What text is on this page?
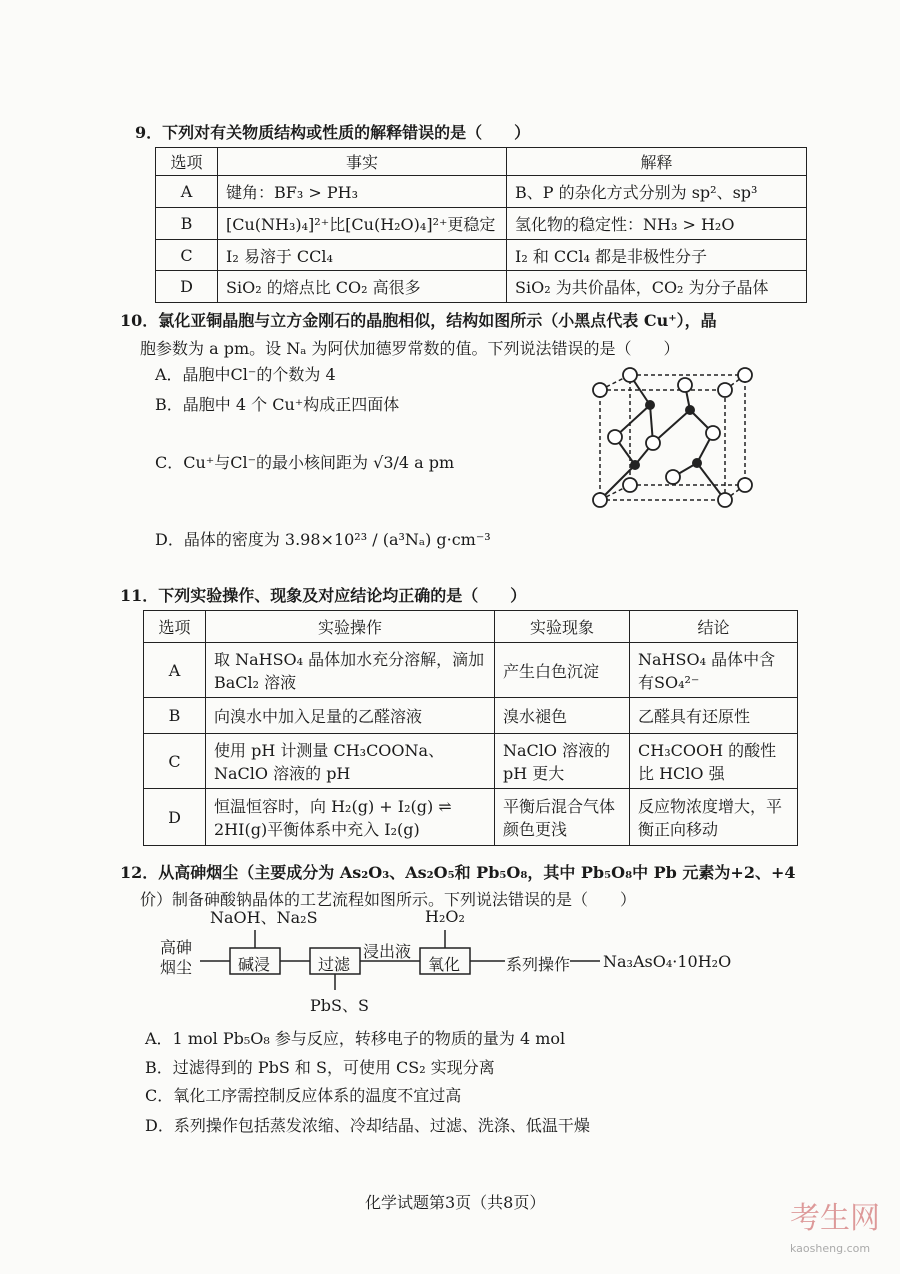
9．下列对有关物质结构或性质的解释错误的是（　　）
选项	事实	解释
A	键角：BF₃ > PH₃	B、P 的杂化方式分别为 sp²、sp³
B	[Cu(NH₃)₄]²⁺比[Cu(H₂O)₄]²⁺更稳定	氢化物的稳定性：NH₃ > H₂O
C	I₂ 易溶于 CCl₄	I₂ 和 CCl₄ 都是非极性分子
D	SiO₂ 的熔点比 CO₂ 高很多	SiO₂ 为共价晶体，CO₂ 为分子晶体
10．氯化亚铜晶胞与立方金刚石的晶胞相似，结构如图所示（小黑点代表 Cu⁺），晶
胞参数为 a pm。设 Nₐ 为阿伏加德罗常数的值。下列说法错误的是（　　）
A．晶胞中Cl⁻的个数为 4
B．晶胞中 4 个 Cu⁺构成正四面体
C．Cu⁺与Cl⁻的最小核间距为 √3/4 a pm
D．晶体的密度为 3.98×10²³ / (a³Nₐ) g·cm⁻³
11．下列实验操作、现象及对应结论均正确的是（　　）
选项	实验操作	实验现象	结论
A	取 NaHSO₄ 晶体加水充分溶解，滴加 BaCl₂ 溶液	产生白色沉淀	NaHSO₄ 晶体中含有SO₄²⁻
B	向溴水中加入足量的乙醛溶液	溴水褪色	乙醛具有还原性
C	使用 pH 计测量 CH₃COONa、NaClO 溶液的 pH	NaClO 溶液的 pH 更大	CH₃COOH 的酸性比 HClO 强
D	恒温恒容时，向 H₂(g) + I₂(g) ⇌ 2HI(g)平衡体系中充入 I₂(g)	平衡后混合气体颜色更浅	反应物浓度增大，平衡正向移动
12．从高砷烟尘（主要成分为 As₂O₃、As₂O₅和 Pb₅O₈，其中 Pb₅O₈中 Pb 元素为+2、+4
价）制备砷酸钠晶体的工艺流程如图所示。下列说法错误的是（　　）
NaOH、Na₂S
高砷烟尘	碱浸	过滤
浸出液
H₂O₂
氧化	系列操作 Na₃AsO₄·10H₂O
PbS、S
A．1 mol Pb₅O₈ 参与反应，转移电子的物质的量为 4 mol
B．过滤得到的 PbS 和 S，可使用 CS₂ 实现分离
C．氧化工序需控制反应体系的温度不宜过高
D．系列操作包括蒸发浓缩、冷却结晶、过滤、洗涤、低温干燥
化学试题第3页（共8页）	考生网
kaosheng.com
